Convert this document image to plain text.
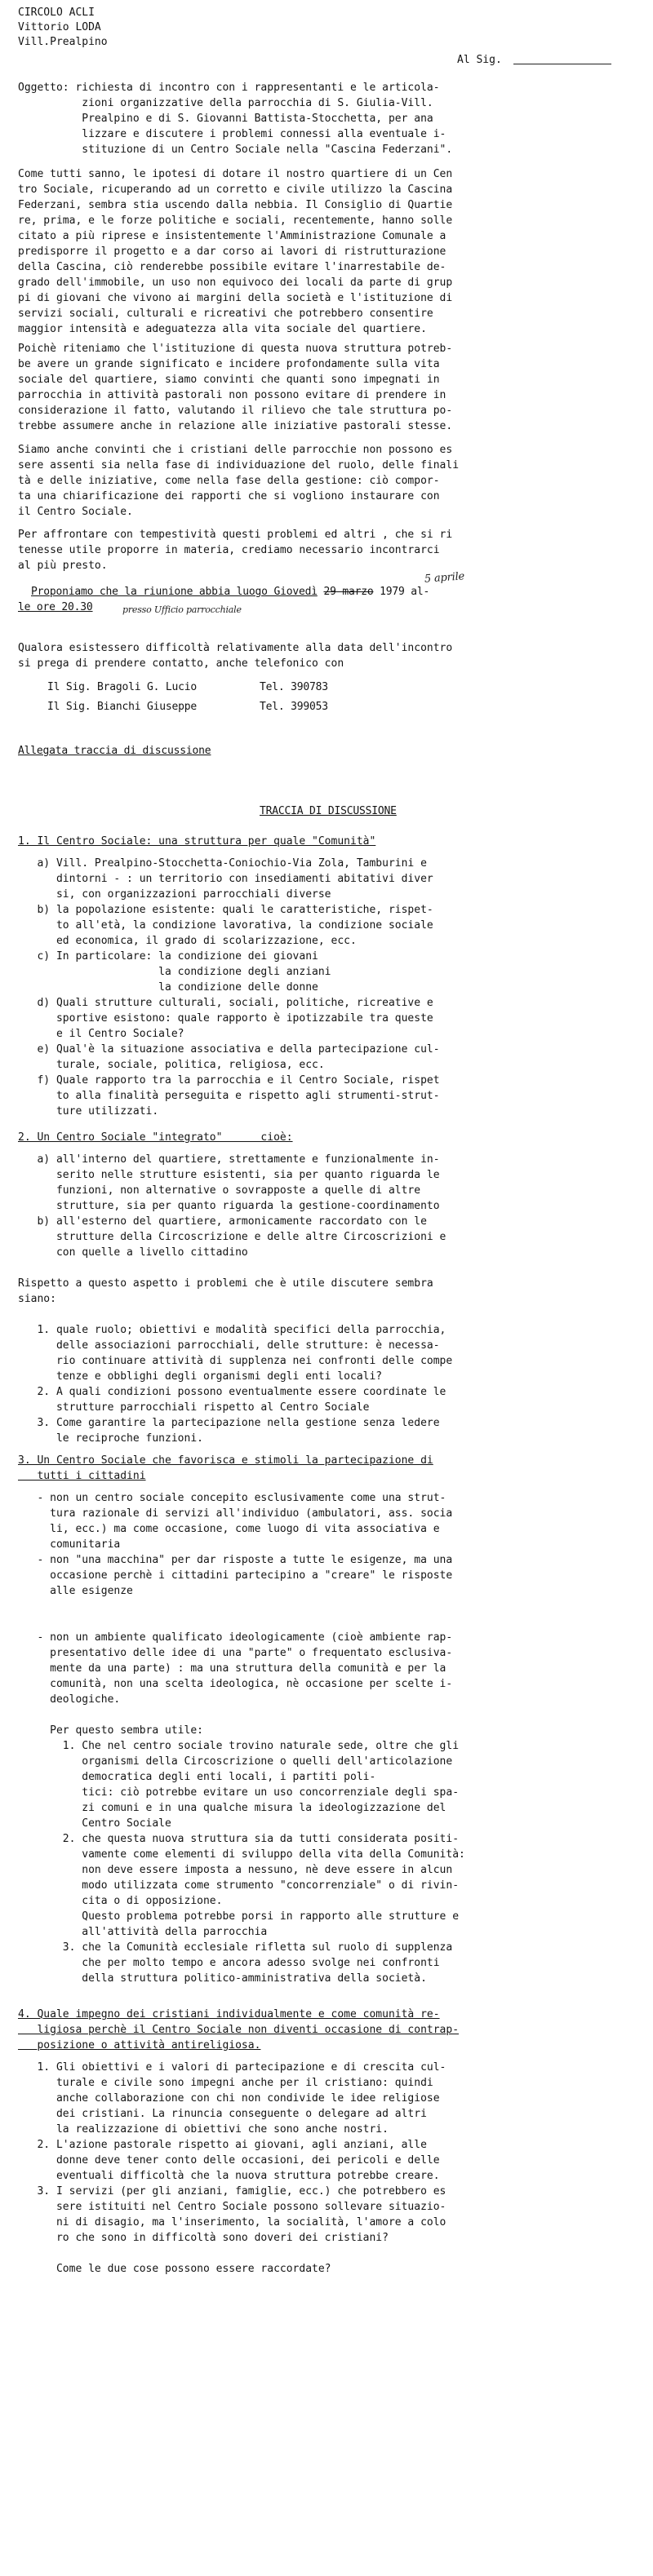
CIRCOLO ACLI
Vittorio LODA
Vill.Prealpino
Al Sig.
Oggetto: richiesta di incontro con i rappresentanti e le articola-
zioni organizzative della parrocchia di S. Giulia-Vill.
Prealpino e di S. Giovanni Battista-Stocchetta, per ana
lizzare e discutere i problemi connessi alla eventuale i-
stituzione di un Centro Sociale nella "Cascina Federzani".
Come tutti sanno, le ipotesi di dotare il nostro quartiere di un Cen
tro Sociale, ricuperando ad un corretto e civile utilizzo la Cascina
Federzani, sembra stia uscendo dalla nebbia. Il Consiglio di Quartie
re, prima, e le forze politiche e sociali, recentemente, hanno solle
citato a più riprese e insistentemente l'Amministrazione Comunale a
predisporre il progetto e a dar corso ai lavori di ristrutturazione
della Cascina, ciò renderebbe possibile evitare l'inarrestabile de-
grado dell'immobile, un uso non equivoco dei locali da parte di grup
pi di giovani che vivono ai margini della società e l'istituzione di
servizi sociali, culturali e ricreativi che potrebbero consentire
maggior intensità e adeguatezza alla vita sociale del quartiere.
Poichè riteniamo che l'istituzione di questa nuova struttura potreb-
be avere un grande significato e incidere profondamente sulla vita
sociale del quartiere, siamo convinti che quanti sono impegnati in
parrocchia in attività pastorali non possono evitare di prendere in
considerazione il fatto, valutando il rilievo che tale struttura po-
trebbe assumere anche in relazione alle iniziative pastorali stesse.
Siamo anche convinti che i cristiani delle parrocchie non possono es
sere assenti sia nella fase di individuazione del ruolo, delle finali
tà e delle iniziative, come nella fase della gestione: ciò compor-
ta una chiarificazione dei rapporti che si vogliono instaurare con
il Centro Sociale.
Per affrontare con tempestività questi problemi ed altri , che si ri
tenesse utile proporre in materia, crediamo necessario incontrarci
al più presto.
5 aprile
Proponiamo che la riunione abbia luogo Giovedì 29 marzo 1979 al-
le ore 20.30	presso Ufficio parrocchiale
Qualora esistessero difficoltà relativamente alla data dell'incontro
si prega di prendere contatto, anche telefonico con
Il Sig. Bragoli G. Lucio	Tel. 390783
Il Sig. Bianchi Giuseppe	Tel. 399053
Allegata traccia di discussione
TRACCIA DI DISCUSSIONE
1. Il Centro Sociale: una struttura per quale "Comunità"
a) Vill. Prealpino-Stocchetta-Coniochio-Via Zola, Tamburini e
dintorni - : un territorio con insediamenti abitativi diver
si, con organizzazioni parrocchiali diverse
b) la popolazione esistente: quali le caratteristiche, rispet-
to all'età, la condizione lavorativa, la condizione sociale
ed economica, il grado di scolarizzazione, ecc.
c) In particolare: la condizione dei giovani
la condizione degli anziani
la condizione delle donne
d) Quali strutture culturali, sociali, politiche, ricreative e
sportive esistono: quale rapporto è ipotizzabile tra queste
e il Centro Sociale?
e) Qual'è la situazione associativa e della partecipazione cul-
turale, sociale, politica, religiosa, ecc.
f) Quale rapporto tra la parrocchia e il Centro Sociale, rispet
to alla finalità perseguita e rispetto agli strumenti-strut-
ture utilizzati.
2. Un Centro Sociale "integrato"      cioè:
a) all'interno del quartiere, strettamente e funzionalmente in-
serito nelle strutture esistenti, sia per quanto riguarda le
funzioni, non alternative o sovrapposte a quelle di altre
strutture, sia per quanto riguarda la gestione-coordinamento
b) all'esterno del quartiere, armonicamente raccordato con le
strutture della Circoscrizione e delle altre Circoscrizioni e
con quelle a livello cittadino
Rispetto a questo aspetto i problemi che è utile discutere sembra
siano:
1. quale ruolo; obiettivi e modalità specifici della parrocchia,
delle associazioni parrocchiali, delle strutture: è necessa-
rio continuare attività di supplenza nei confronti delle compe
tenze e obblighi degli organismi degli enti locali?
2. A quali condizioni possono eventualmente essere coordinate le
strutture parrocchiali rispetto al Centro Sociale
3. Come garantire la partecipazione nella gestione senza ledere
le reciproche funzioni.
3. Un Centro Sociale che favorisca e stimoli la partecipazione di
tutti i cittadini
- non un centro sociale concepito esclusivamente come una strut-
tura razionale di servizi all'individuo (ambulatori, ass. socia
li, ecc.) ma come occasione, come luogo di vita associativa e
comunitaria
- non "una macchina" per dar risposte a tutte le esigenze, ma una
occasione perchè i cittadini partecipino a "creare" le risposte
alle esigenze
- non un ambiente qualificato ideologicamente (cioè ambiente rap-
presentativo delle idee di una "parte" o frequentato esclusiva-
mente da una parte) : ma una struttura della comunità e per la
comunità, non una scelta ideologica, nè occasione per scelte i-
deologiche.
Per questo sembra utile:
1. Che nel centro sociale trovino naturale sede, oltre che gli
organismi della Circoscrizione o quelli dell'articolazione
democratica degli enti locali, i partiti poli-
tici: ciò potrebbe evitare un uso concorrenziale degli spa-
zi comuni e in una qualche misura la ideologizzazione del
Centro Sociale
2. che questa nuova struttura sia da tutti considerata positi-
vamente come elementi di sviluppo della vita della Comunità:
non deve essere imposta a nessuno, nè deve essere in alcun
modo utilizzata come strumento "concorrenziale" o di rivin-
cita o di opposizione.
Questo problema potrebbe porsi in rapporto alle strutture e
all'attività della parrocchia
3. che la Comunità ecclesiale rifletta sul ruolo di supplenza
che per molto tempo e ancora adesso svolge nei confronti
della struttura politico-amministrativa della società.
4. Quale impegno dei cristiani individualmente e come comunità re-
ligiosa perchè il Centro Sociale non diventi occasione di contrap-
posizione o attività antireligiosa.
1. Gli obiettivi e i valori di partecipazione e di crescita cul-
turale e civile sono impegni anche per il cristiano: quindi
anche collaborazione con chi non condivide le idee religiose
dei cristiani. La rinuncia conseguente o delegare ad altri
la realizzazione di obiettivi che sono anche nostri.
2. L'azione pastorale rispetto ai giovani, agli anziani, alle
donne deve tener conto delle occasioni, dei pericoli e delle
eventuali difficoltà che la nuova struttura potrebbe creare.
3. I servizi (per gli anziani, famiglie, ecc.) che potrebbero es
sere istituiti nel Centro Sociale possono sollevare situazio-
ni di disagio, ma l'inserimento, la socialità, l'amore a colo
ro che sono in difficoltà sono doveri dei cristiani?
Come le due cose possono essere raccordate?
